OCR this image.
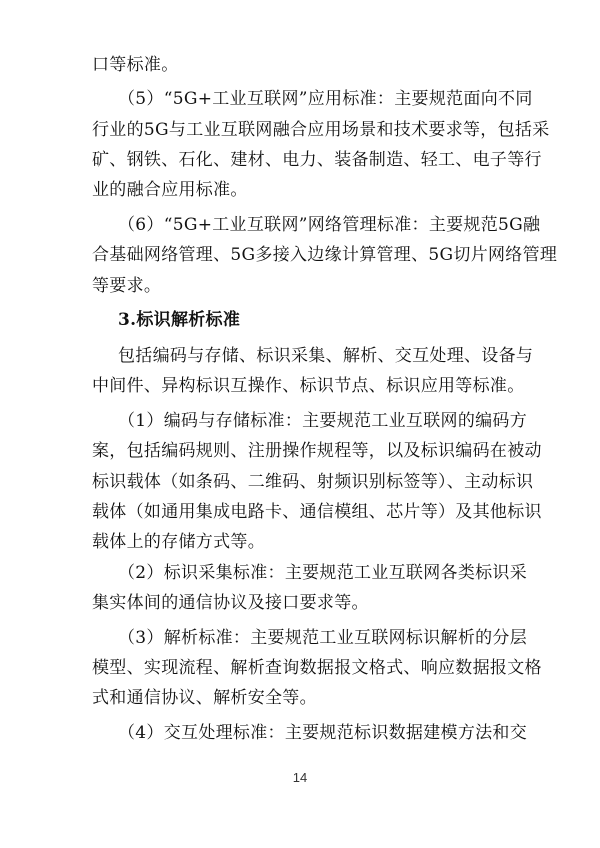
口等标准。
（5）“5G+工业互联网”应用标准：主要规范面向不同
行业的5G与工业互联网融合应用场景和技术要求等，包括采
矿、钢铁、石化、建材、电力、装备制造、轻工、电子等行
业的融合应用标准。
（6）“5G+工业互联网”网络管理标准：主要规范5G融
合基础网络管理、5G多接入边缘计算管理、5G切片网络管理
等要求。
3.标识解析标准
包括编码与存储、标识采集、解析、交互处理、设备与
中间件、异构标识互操作、标识节点、标识应用等标准。
（1）编码与存储标准：主要规范工业互联网的编码方
案，包括编码规则、注册操作规程等，以及标识编码在被动
标识载体（如条码、二维码、射频识别标签等）、主动标识
载体（如通用集成电路卡、通信模组、芯片等）及其他标识
载体上的存储方式等。
（2）标识采集标准：主要规范工业互联网各类标识采
集实体间的通信协议及接口要求等。
（3）解析标准：主要规范工业互联网标识解析的分层
模型、实现流程、解析查询数据报文格式、响应数据报文格
式和通信协议、解析安全等。
（4）交互处理标准：主要规范标识数据建模方法和交
14
